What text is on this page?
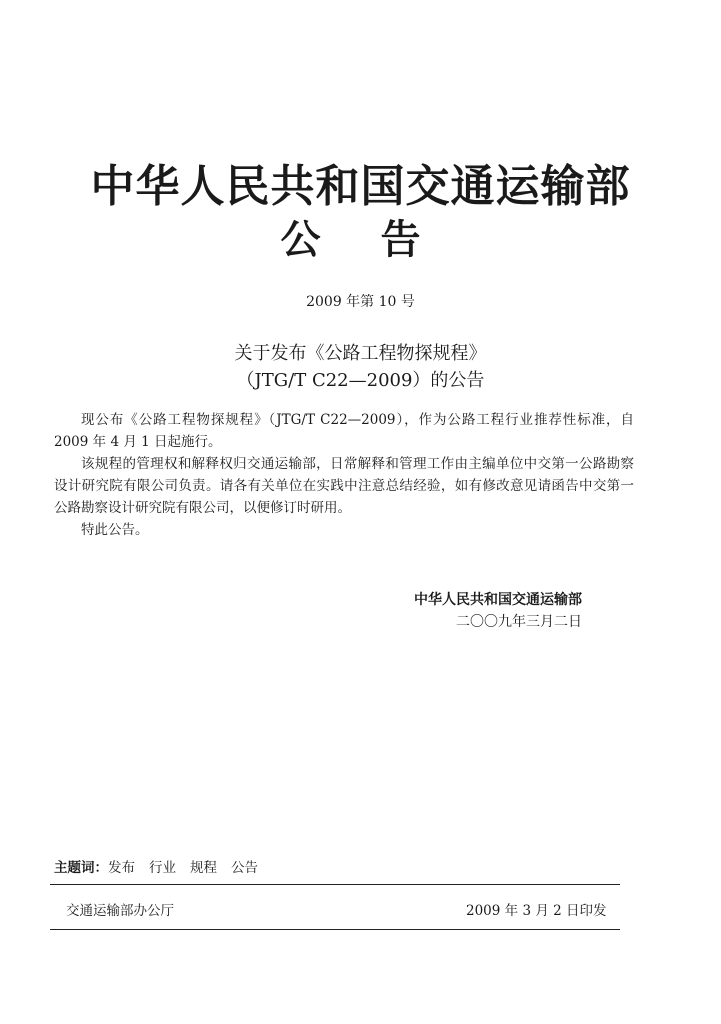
中华人民共和国交通运输部
公告
2009 年第 10 号
关于发布《公路工程物探规程》
（JTG/T C22—2009）的公告

现公布《公路工程物探规程》（JTG/T C22—2009），作为公路工程行业推荐性标准，自 2009 年 4 月 1 日起施行。

该规程的管理权和解释权归交通运输部，日常解释和管理工作由主编单位中交第一公路勘察设计研究院有限公司负责。请各有关单位在实践中注意总结经验，如有修改意见请函告中交第一公路勘察设计研究院有限公司，以便修订时研用。

特此公告。

中华人民共和国交通运输部
二〇〇九年三月二日
主题词：发布 行业 规程 公告
交通运输部办公厅	2009 年 3 月 2 日印发
